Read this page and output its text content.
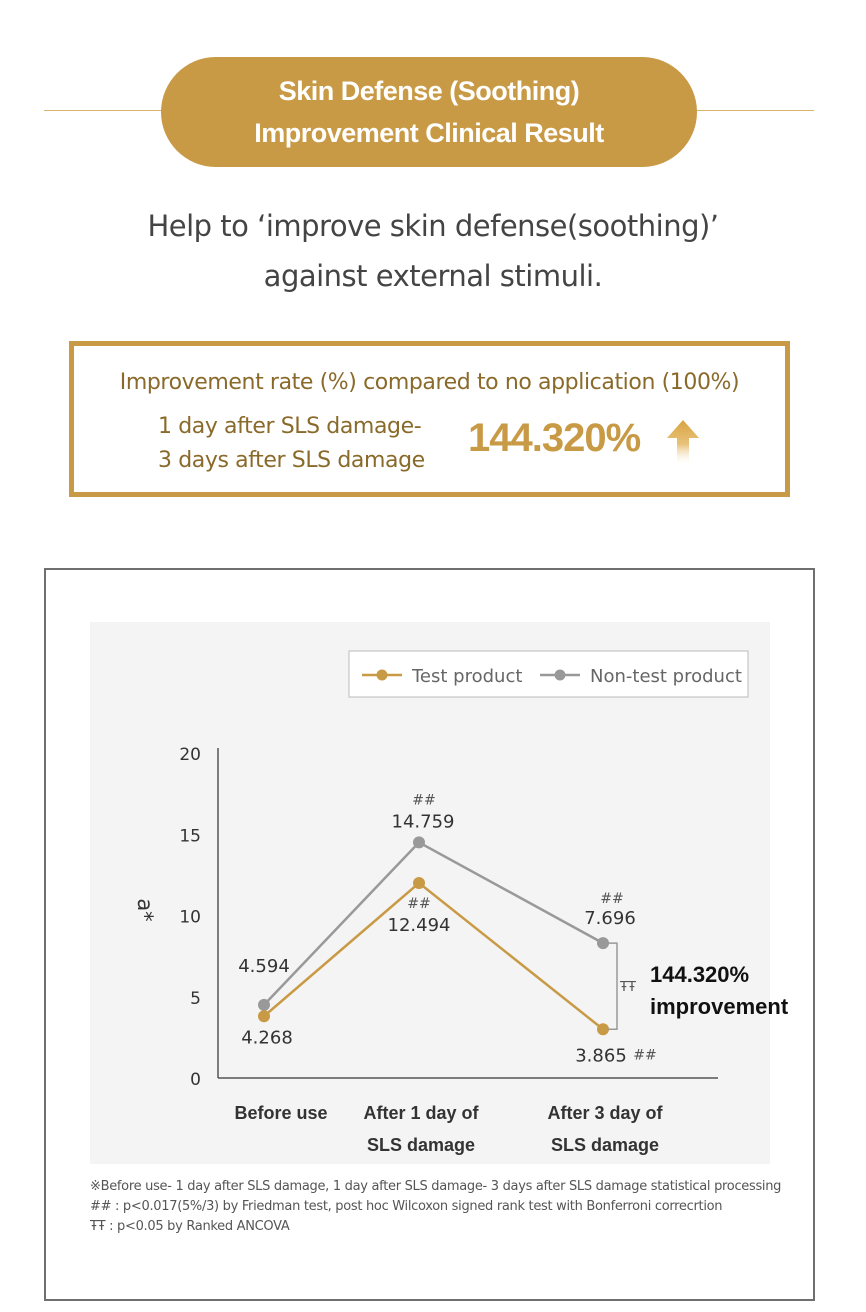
Skin Defense (Soothing)
Improvement Clinical Result
Help to ‘improve skin defense(soothing)’
against external stimuli.
Improvement rate (%) compared to no application (100%)
1 day after SLS damage-
3 days after SLS damage
144.320%
0
5
10
15
20
a*
Before use After 1 day of
SLS damage
After 3 day of
SLS damage
4.268
12.494
##
3.865 ##
4.594
14.759
##
7.696
##
ŦŦ
144.320%
improvement
Test product	Non-test product
※Before use- 1 day after SLS damage, 1 day after SLS damage- 3 days after SLS damage statistical processing
## : p<0.017(5%/3) by Friedman test, post hoc Wilcoxon signed rank test with Bonferroni correcrtion
ŦŦ : p<0.05 by Ranked ANCOVA
